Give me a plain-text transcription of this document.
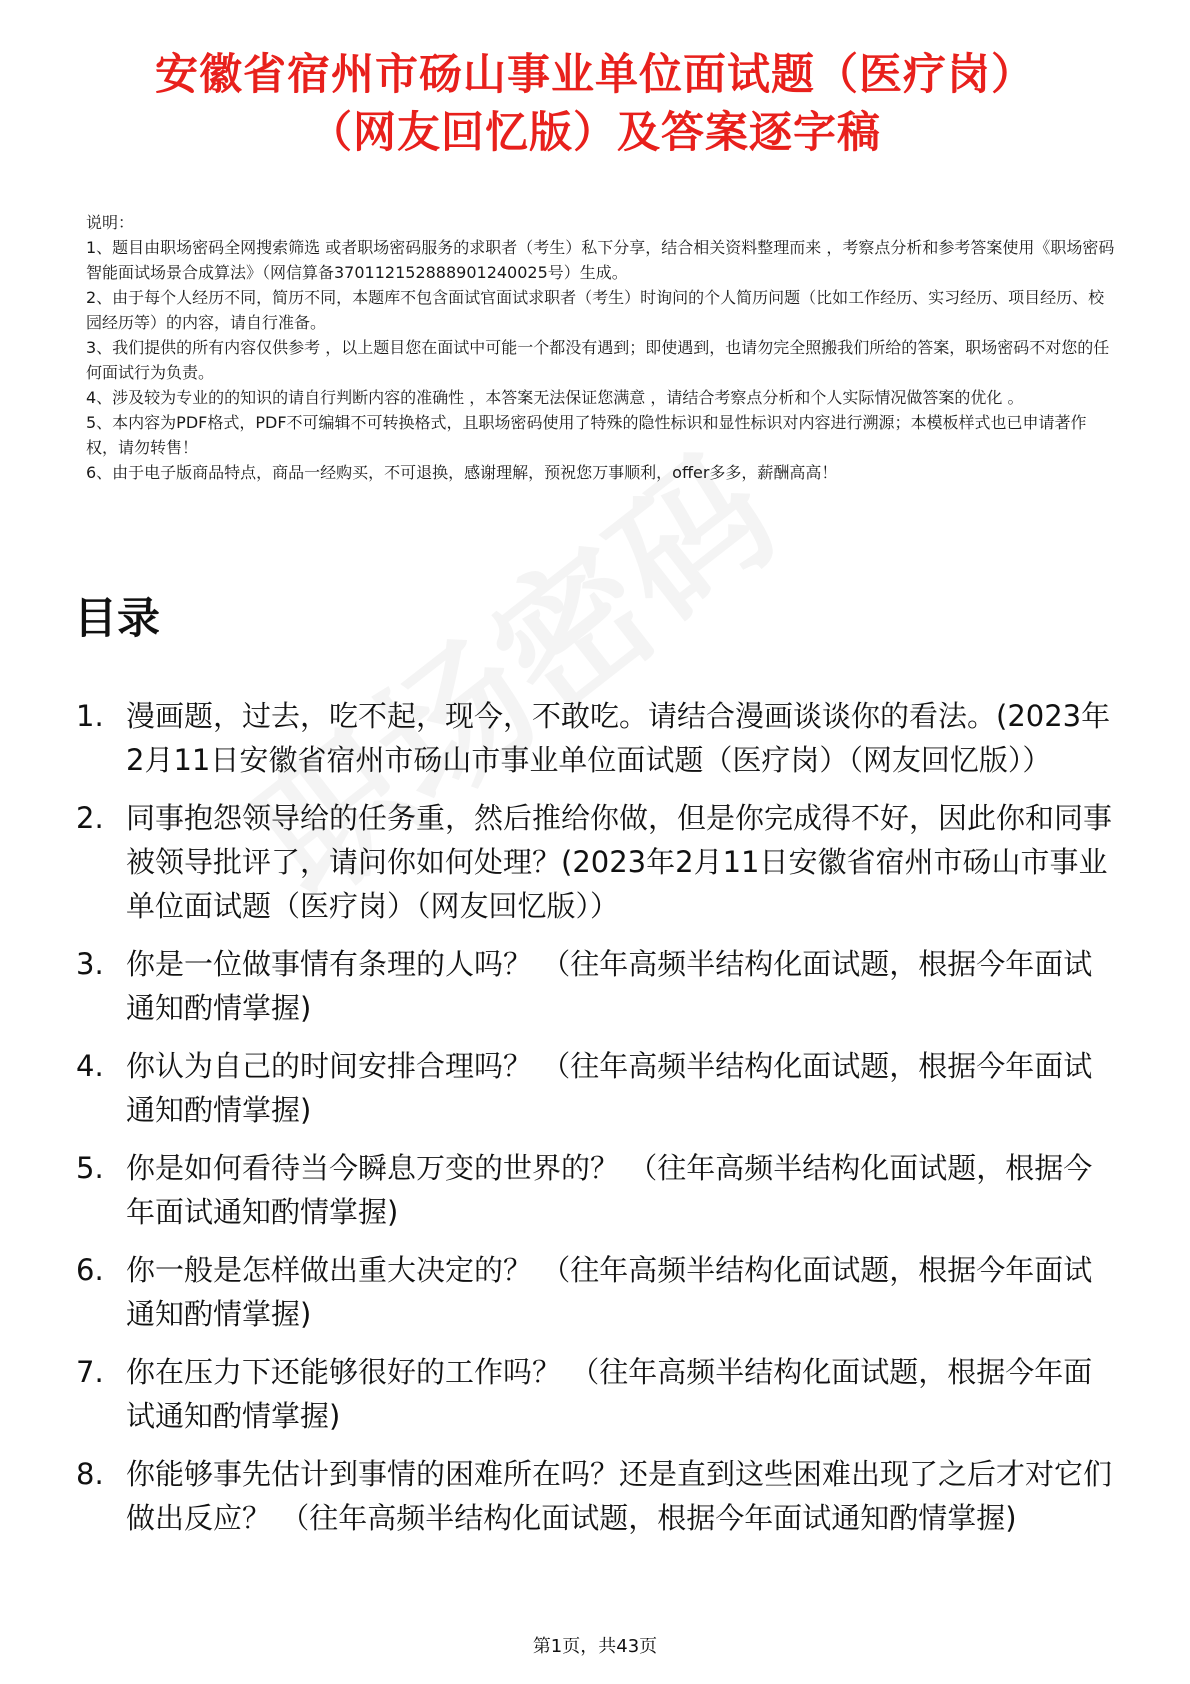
安徽省宿州市砀山事业单位面试题（医疗岗）
（网友回忆版）及答案逐字稿

说明：

1、题目由职场密码全网搜索筛选 或者职场密码服务的求职者（考生）私下分享，结合相关资料整理而来 ，考察点分析和参考答案使用《职场密码智能面试场景合成算法》（网信算备370112152888901240025号）生成。

2、由于每个人经历不同，简历不同，本题库不包含面试官面试求职者（考生）时询问的个人简历问题（比如工作经历、实习经历、项目经历、校园经历等）的内容，请自行准备。

3、我们提供的所有内容仅供参考 ，以上题目您在面试中可能一个都没有遇到；即使遇到，也请勿完全照搬我们所给的答案，职场密码不对您的任何面试行为负责。

4、涉及较为专业的的知识的请自行判断内容的准确性 ，本答案无法保证您满意 ，请结合考察点分析和个人实际情况做答案的优化 。

5、本内容为PDF格式，PDF不可编辑不可转换格式，且职场密码使用了特殊的隐性标识和显性标识对内容进行溯源；本模板样式也已申请著作权，请勿转售！

6、由于电子版商品特点，商品一经购买，不可退换，感谢理解，预祝您万事顺利，offer多多，薪酬高高！

目录
1. 漫画题，过去，吃不起，现今，不敢吃。请结合漫画谈谈你的看法。(2023年2月11日安徽省宿州市砀山市事业单位面试题（医疗岗）（网友回忆版））
2. 同事抱怨领导给的任务重，然后推给你做，但是你完成得不好，因此你和同事被领导批评了，请问你如何处理？(2023年2月11日安徽省宿州市砀山市事业单位面试题（医疗岗）（网友回忆版））
3. 你是一位做事情有条理的人吗？ （往年高频半结构化面试题，根据今年面试通知酌情掌握)
4. 你认为自己的时间安排合理吗？ （往年高频半结构化面试题，根据今年面试通知酌情掌握)
5. 你是如何看待当今瞬息万变的世界的？ （往年高频半结构化面试题，根据今年面试通知酌情掌握)
6. 你一般是怎样做出重大决定的？ （往年高频半结构化面试题，根据今年面试通知酌情掌握)
7. 你在压力下还能够很好的工作吗？ （往年高频半结构化面试题，根据今年面试通知酌情掌握)
8. 你能够事先估计到事情的困难所在吗？还是直到这些困难出现了之后才对它们做出反应？ （往年高频半结构化面试题，根据今年面试通知酌情掌握)
第1页，共43页
